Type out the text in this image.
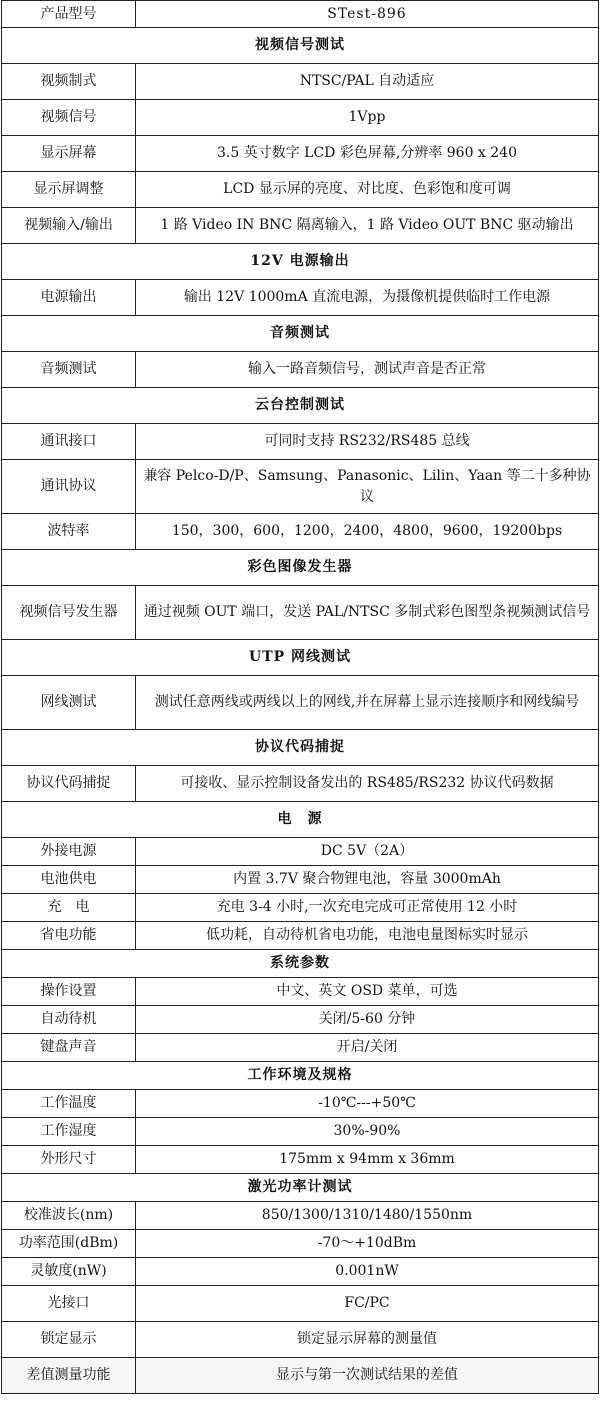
产品型号	STest-896
视频信号测试	
视频制式	NTSC/PAL 自动适应
视频信号	1Vpp
显示屏幕	3.5 英寸数字 LCD 彩色屏幕,分辨率 960 x 240
显示屏调整	LCD 显示屏的亮度、对比度、色彩饱和度可调
视频输入/输出	1 路 Video IN BNC 隔离输入，1 路 Video OUT BNC 驱动输出
12V 电源输出	
电源输出	输出 12V 1000mA 直流电源，为摄像机提供临时工作电源
音频测试	
音频测试	输入一路音频信号，测试声音是否正常
云台控制测试	
通讯接口	可同时支持 RS232/RS485 总线
通讯协议	兼容 Pelco-D/P、Samsung、Panasonic、Lilin、Yaan 等二十多种协议
波特率	150，300，600，1200，2400，4800，9600，19200bps
彩色图像发生器	
视频信号发生器	通过视频 OUT 端口，发送 PAL/NTSC 多制式彩色图型条视频测试信号
UTP 网线测试	
网线测试	测试任意两线或两线以上的网线,并在屏幕上显示连接顺序和网线编号
协议代码捕捉	
协议代码捕捉	可接收、显示控制设备发出的 RS485/RS232 协议代码数据
电　源	
外接电源	DC 5V（2A）
电池供电	内置 3.7V 聚合物锂电池，容量 3000mAh
充　电	充电 3-4 小时,一次充电完成可正常使用 12 小时
省电功能	低功耗，自动待机省电功能，电池电量图标实时显示
系统参数	
操作设置	中文、英文 OSD 菜单，可选
自动待机	关闭/5-60 分钟
键盘声音	开启/关闭
工作环境及规格	
工作温度	-10℃---+50℃
工作湿度	30%-90%
外形尺寸	175mm x 94mm x 36mm
激光功率计测试	
校准波长(nm)	850/1300/1310/1480/1550nm
功率范围(dBm)	-70～+10dBm
灵敏度(nW)	0.001nW
光接口	FC/PC
锁定显示	锁定显示屏幕的测量值
差值测量功能	显示与第一次测试结果的差值
